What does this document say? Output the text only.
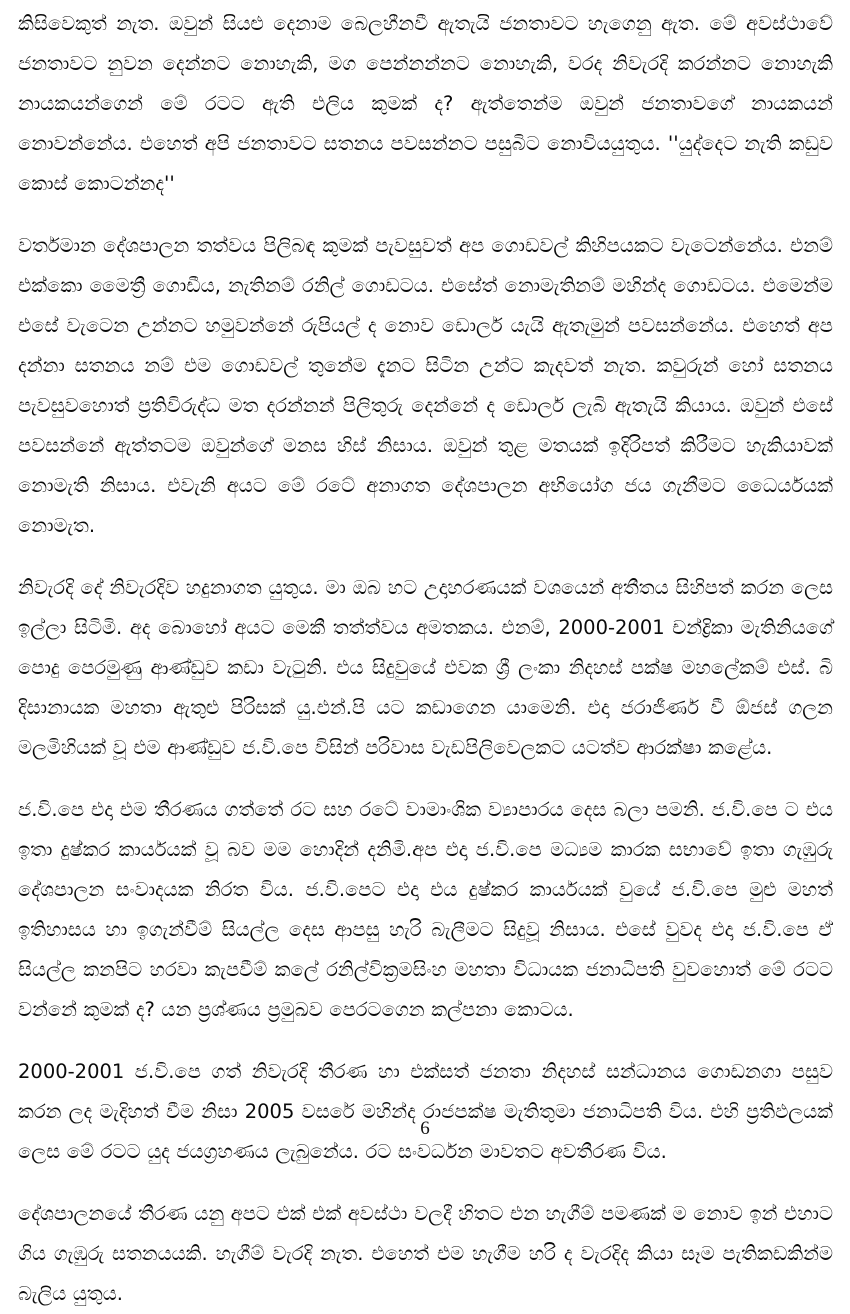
කිසිවෙකුත් නැත. ඔවුන් සියළු දෙනාම බෙලහීනවී ඇතැයි ජනතාවට හැගෙනු ඇත. මේ අවස්ථාවේ ජනතාවට නුවන දෙන්නට නොහැකි, මග පෙන්නන්නට නොහැකි, වරද නිවැරදි කරන්නට නොහැකි නායකයන්ගෙන් මේ රටට ඇති එලිය කුමක් ද? ඇත්තෙන්ම ඔවුන් ජනතාවගේ නායකයන් නොවන්නේය. එහෙත් අපි ජනතාවට සතනය පවසන්නට පසුබිට නොවියයුතුය. ''යුද්දෙට නැති කඩුව කොස් කොටන්නද''

වර්තමාන දේශපාලන තත්වය පිලිබඳ කුමක් පැවසුවත් අප ගොඩවල් කිහිපයකට වැටෙන්නේය. එනම් එක්කො මෛත්‍රී ගොඩීය, නැතිනම් රනිල් ගොඩටය. එසේත් නොමැතිනම් මහින්ද ගොඩටය. එමෙන්ම එසේ වැටෙන උන්නට හමුවන්නේ රුපියල් ද නොව ඩොලර් යැයි ඇතැමුන් පවසන්නේය. එහෙත් අප දන්නා සතනය නම් එම ගොඩවල් තුනේම දැනට සිටින උන්ට කැදවත් නැත. කවුරුන් හෝ සතනය පැවසුවහොත් ප්‍රතිවිරුද්ධ මත දරන්නන් පිලිතුරු දෙන්නේ ද ඩොලර් ලැබි ඇතැයි කියාය. ඔවුන් එසේ පවසන්නේ ඇත්තටම ඔවුන්ගේ මනස හිස් නිසාය. ඔවුන් තුළ මතයක් ඉදිරිපත් කිරීමට හැකියාවක් නොමැති නිසාය. එවැනි අයට මේ රටේ අනාගත දේශපාලන අභියෝග ජය ගැනීමට ධෛර්යයක් නොමැත.

නිවැරදි දේ නිවැරදිව හදුනාගත යුතුය. මා ඔබ හට උදාහරණයක් වශයෙන් අතීතය සිහිපත් කරන ලෙස ඉල්ලා සිටිමි. අද බොහෝ අයට මෙකී තත්ත්වය අමතකය. එනම්, 2000-2001 චන්ද්‍රිකා මැතිනියගේ පොදු පෙරමුණු ආණ්ඩුව කඩා වැටුනි. එය සිදුවුයේ එවක ශ්‍රී ලංකා නිදහස් පක්ෂ මහලේකම් එස්. බි දිසානායක මහතා ඇතුළු පිරිසක් යු.එන්.පි යට කඩාගෙන යාමෙනි. එදා ජරාජීර්ණ වී ඕජස් ගලන මලමිහියක් වූ එම ආණ්ඩුව ජ.වි.පෙ විසින් පරිවාස වැඩපිලිවෙලකට යටත්ව ආරක්ෂා කළේය.

ජ.වි.පෙ එදා එම තීරණය ගත්තේ රට සහ රටේ වාමාංශික ව්‍යාපාරය දෙස බලා පමනි. ජ.වි.පෙ ට එය ඉතා දුෂ්කර කාර්යයක් වූ බව මම හොදින් දනිමි.අප එදා ජ.වි.පෙ මධ්‍යම කාරක සභාවේ ඉතා ගැඹුරු දේශපාලන සංවාදයක නිරත විය. ජ.වි.පෙට එදා එය දුෂ්කර කාර්යයක් වුයේ ජ.වි.පෙ මුළු මහත් ඉතිහාසය හා ඉගැන්වීම් සියල්ල දෙස ආපසු හැරි බැලීමට සිදුවූ නිසාය. එසේ වුවද එදා ජ.වි.පෙ ඒ සියල්ල කනපිට හරවා කැපවීම් කලේ රනිල්වික්‍රමසිංහ මහතා විධායක ජනාධිපති වුවහොත් මේ රටට වන්නේ කුමක් ද? යන ප්‍රශ්ණය ප්‍රමුඛව පෙරටගෙන කල්පනා කොටය.

2000-2001 ජ.වි.පෙ ගත් නිවැරදි තීරණ හා එක්සත් ජනතා නිදහස් සන්ධානය ගොඩනගා පසුව කරන ලද මැදිහත් වීම නිසා 2005 වසරේ මහින්ද රාජපක්ෂ මැතිතුමා ජනාධිපති විය. එහි ප්‍රතිඵලයක් ලෙස මේ රටට යුද ජයග්‍රහණය ලැබුනේය. රට සංවර්ධන මාවතට අවතීරණ විය.

දේශපාලනයේ තීරණ යනු අපට එක් එක් අවස්ථා වලදී හිතට එන හැගීම් පමණක් ම නොව ඉන් එහාට ගිය ගැඹුරු සතනයයකි. හැගීම් වැරදි නැත. එහෙත් එම හැගීම හරි ද වැරදිද කියා සෑම පැතිකඩකින්ම බැලිය යුතුය.

6
